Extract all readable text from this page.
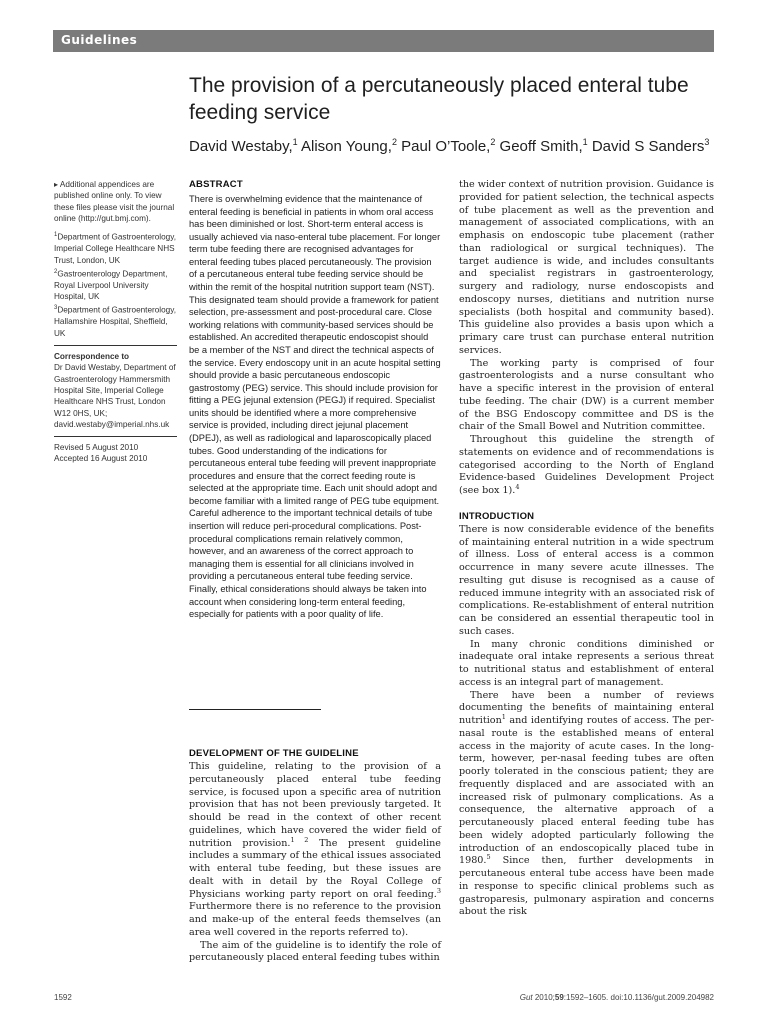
Guidelines
The provision of a percutaneously placed enteral tube feeding service

David Westaby,$^1$ Alison Young,$^2$ Paul O’Toole,$^2$ Geoff Smith,$^1$ David S Sanders$^3$

▸ Additional appendices are published online only. To view these files please visit the journal online (http://gut.bmj.com).

$^1$Department of Gastroenterology, Imperial College Healthcare NHS Trust, London, UK

$^2$Gastroenterology Department, Royal Liverpool University Hospital, UK

$^3$Department of Gastroenterology, Hallamshire Hospital, Sheffield, UK

Correspondence to

Dr David Westaby, Department of Gastroenterology Hammersmith Hospital Site, Imperial College Healthcare NHS Trust, London W12 0HS, UK; david.westaby@imperial.nhs.uk

Revised 5 August 2010

Accepted 16 August 2010

ABSTRACT

There is overwhelming evidence that the maintenance of enteral feeding is beneficial in patients in whom oral access has been diminished or lost. Short-term enteral access is usually achieved via naso-enteral tube placement. For longer term tube feeding there are recognised advantages for enteral feeding tubes placed percutaneously. The provision of a percutaneous enteral tube feeding service should be within the remit of the hospital nutrition support team (NST). This designated team should provide a framework for patient selection, pre-assessment and post-procedural care. Close working relations with community-based services should be established. An accredited therapeutic endoscopist should be a member of the NST and direct the technical aspects of the service. Every endoscopy unit in an acute hospital setting should provide a basic percutaneous endoscopic gastrostomy (PEG) service. This should include provision for fitting a PEG jejunal extension (PEGJ) if required. Specialist units should be identified where a more comprehensive service is provided, including direct jejunal placement (DPEJ), as well as radiological and laparoscopically placed tubes. Good understanding of the indications for percutaneous enteral tube feeding will prevent inappropriate procedures and ensure that the correct feeding route is selected at the appropriate time. Each unit should adopt and become familiar with a limited range of PEG tube equipment. Careful adherence to the important technical details of tube insertion will reduce peri-procedural complications. Post-procedural complications remain relatively common, however, and an awareness of the correct approach to managing them is essential for all clinicians involved in providing a percutaneous enteral tube feeding service. Finally, ethical considerations should always be taken into account when considering long-term enteral feeding, especially for patients with a poor quality of life.

DEVELOPMENT OF THE GUIDELINE

This guideline, relating to the provision of a percutaneously placed enteral tube feeding service, is focused upon a specific area of nutrition provision that has not been previously targeted. It should be read in the context of other recent guidelines, which have covered the wider field of nutrition provision.$^{1 2}$ The present guideline includes a summary of the ethical issues associated with enteral tube feeding, but these issues are dealt with in detail by the Royal College of Physicians working party report on oral feeding.$^3$ Furthermore there is no reference to the provision and make-up of the enteral feeds themselves (an area well covered in the reports referred to).

The aim of the guideline is to identify the role of percutaneously placed enteral feeding tubes within

the wider context of nutrition provision. Guidance is provided for patient selection, the technical aspects of tube placement as well as the prevention and management of associated complications, with an emphasis on endoscopic tube placement (rather than radiological or surgical techniques). The target audience is wide, and includes consultants and specialist registrars in gastroenterology, surgery and radiology, nurse endoscopists and endoscopy nurses, dietitians and nutrition nurse specialists (both hospital and community based). This guideline also provides a basis upon which a primary care trust can purchase enteral nutrition services.

The working party is comprised of four gastroenterologists and a nurse consultant who have a specific interest in the provision of enteral tube feeding. The chair (DW) is a current member of the BSG Endoscopy committee and DS is the chair of the Small Bowel and Nutrition committee.

Throughout this guideline the strength of statements on evidence and of recommendations is categorised according to the North of England Evidence-based Guidelines Development Project (see box 1).$^4$

INTRODUCTION

There is now considerable evidence of the benefits of maintaining enteral nutrition in a wide spectrum of illness. Loss of enteral access is a common occurrence in many severe acute illnesses. The resulting gut disuse is recognised as a cause of reduced immune integrity with an associated risk of complications. Re-establishment of enteral nutrition can be considered an essential therapeutic tool in such cases.

In many chronic conditions diminished or inadequate oral intake represents a serious threat to nutritional status and establishment of enteral access is an integral part of management.

There have been a number of reviews documenting the benefits of maintaining enteral nutrition$^1$ and identifying routes of access. The per-nasal route is the established means of enteral access in the majority of acute cases. In the long-term, however, per-nasal feeding tubes are often poorly tolerated in the conscious patient; they are frequently displaced and are associated with an increased risk of pulmonary complications. As a consequence, the alternative approach of a percutaneously placed enteral feeding tube has been widely adopted particularly following the introduction of an endoscopically placed tube in 1980.$^5$ Since then, further developments in percutaneous enteral tube access have been made in response to specific clinical problems such as gastroparesis, pulmonary aspiration and concerns about the risk

1592	Gut 2010;59:1592–1605. doi:10.1136/gut.2009.204982
